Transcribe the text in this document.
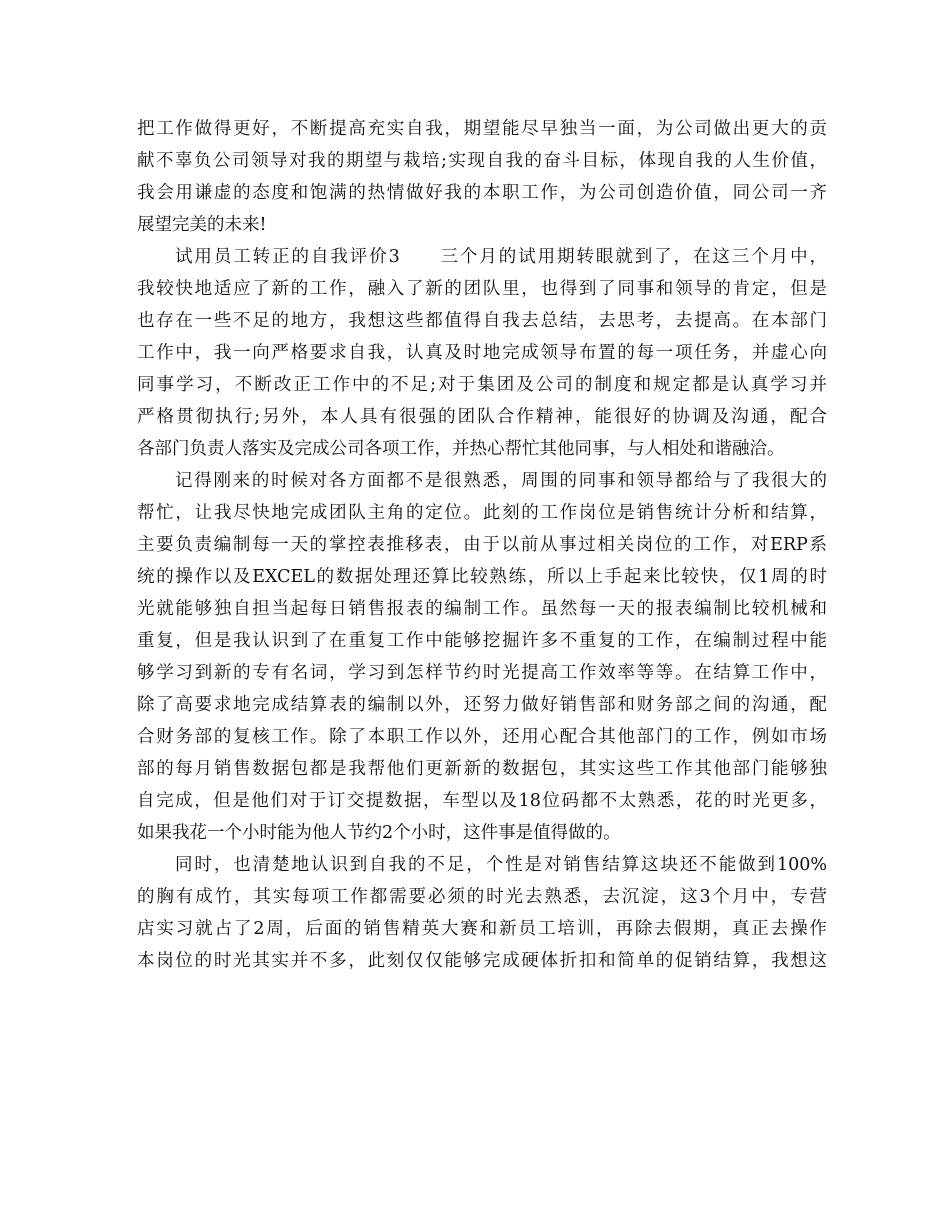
把工作做得更好，不断提高充实自我，期望能尽早独当一面，为公司做出更大的贡
献不辜负公司领导对我的期望与栽培;实现自我的奋斗目标，体现自我的人生价值，
我会用谦虚的态度和饱满的热情做好我的本职工作，为公司创造价值，同公司一齐
展望完美的未来!
试用员工转正的自我评价3　　三个月的试用期转眼就到了，在这三个月中，
我较快地适应了新的工作，融入了新的团队里，也得到了同事和领导的肯定，但是
也存在一些不足的地方，我想这些都值得自我去总结，去思考，去提高。在本部门
工作中，我一向严格要求自我，认真及时地完成领导布置的每一项任务，并虚心向
同事学习，不断改正工作中的不足;对于集团及公司的制度和规定都是认真学习并
严格贯彻执行;另外，本人具有很强的团队合作精神，能很好的协调及沟通，配合
各部门负责人落实及完成公司各项工作，并热心帮忙其他同事，与人相处和谐融洽。
记得刚来的时候对各方面都不是很熟悉，周围的同事和领导都给与了我很大的
帮忙，让我尽快地完成团队主角的定位。此刻的工作岗位是销售统计分析和结算，
主要负责编制每一天的掌控表推移表，由于以前从事过相关岗位的工作，对ERP系
统的操作以及EXCEL的数据处理还算比较熟练，所以上手起来比较快，仅1周的时
光就能够独自担当起每日销售报表的编制工作。虽然每一天的报表编制比较机械和
重复，但是我认识到了在重复工作中能够挖掘许多不重复的工作，在编制过程中能
够学习到新的专有名词，学习到怎样节约时光提高工作效率等等。在结算工作中，
除了高要求地完成结算表的编制以外，还努力做好销售部和财务部之间的沟通，配
合财务部的复核工作。除了本职工作以外，还用心配合其他部门的工作，例如市场
部的每月销售数据包都是我帮他们更新新的数据包，其实这些工作其他部门能够独
自完成，但是他们对于订交提数据，车型以及18位码都不太熟悉，花的时光更多，
如果我花一个小时能为他人节约2个小时，这件事是值得做的。
同时，也清楚地认识到自我的不足，个性是对销售结算这块还不能做到100%
的胸有成竹，其实每项工作都需要必须的时光去熟悉，去沉淀，这3个月中，专营
店实习就占了2周，后面的销售精英大赛和新员工培训，再除去假期，真正去操作
本岗位的时光其实并不多，此刻仅仅能够完成硬体折扣和简单的促销结算，我想这
